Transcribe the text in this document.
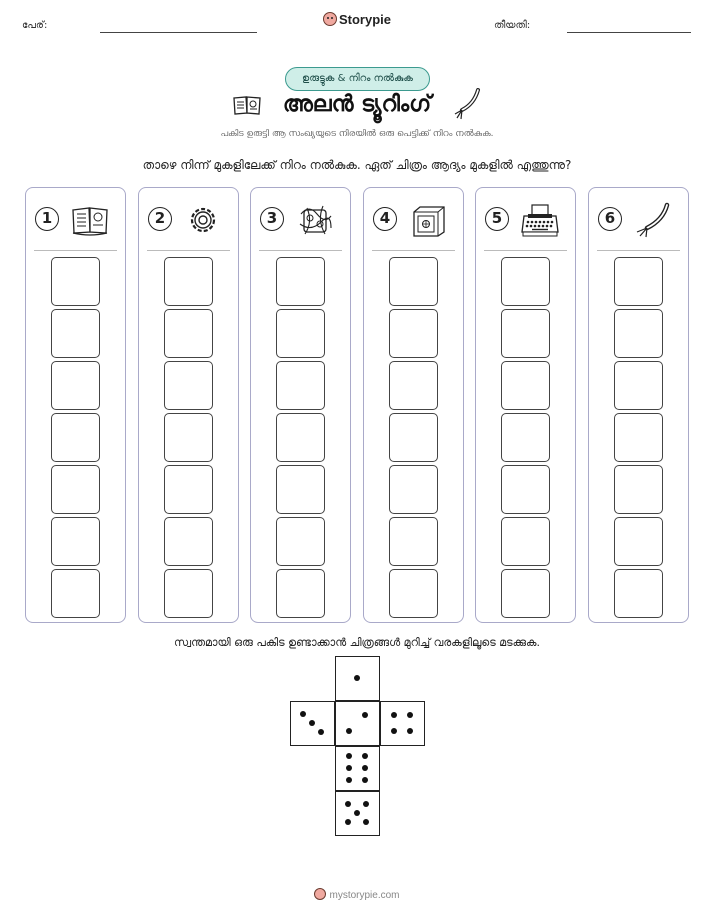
പേര്:	Storypie	തീയതി:
ഉരുട്ടുക & നിറം നൽകുക
അലൻ ട്യൂറിംഗ്
പകിട ഉരുട്ടി ആ സംഖ്യയുടെ നിരയിൽ ഒരു പെട്ടിക്ക് നിറം നൽകുക.
താഴെ നിന്ന് മുകളിലേക്ക് നിറം നൽകുക. ഏത് ചിത്രം ആദ്യം മുകളിൽ എത്തുന്നു?
1	2	3	4	5	6
സ്വന്തമായി ഒരു പകിട ഉണ്ടാക്കാൻ ചിത്രങ്ങൾ മുറിച്ച് വരകളിലൂടെ മടക്കുക.
mystorypie.com
